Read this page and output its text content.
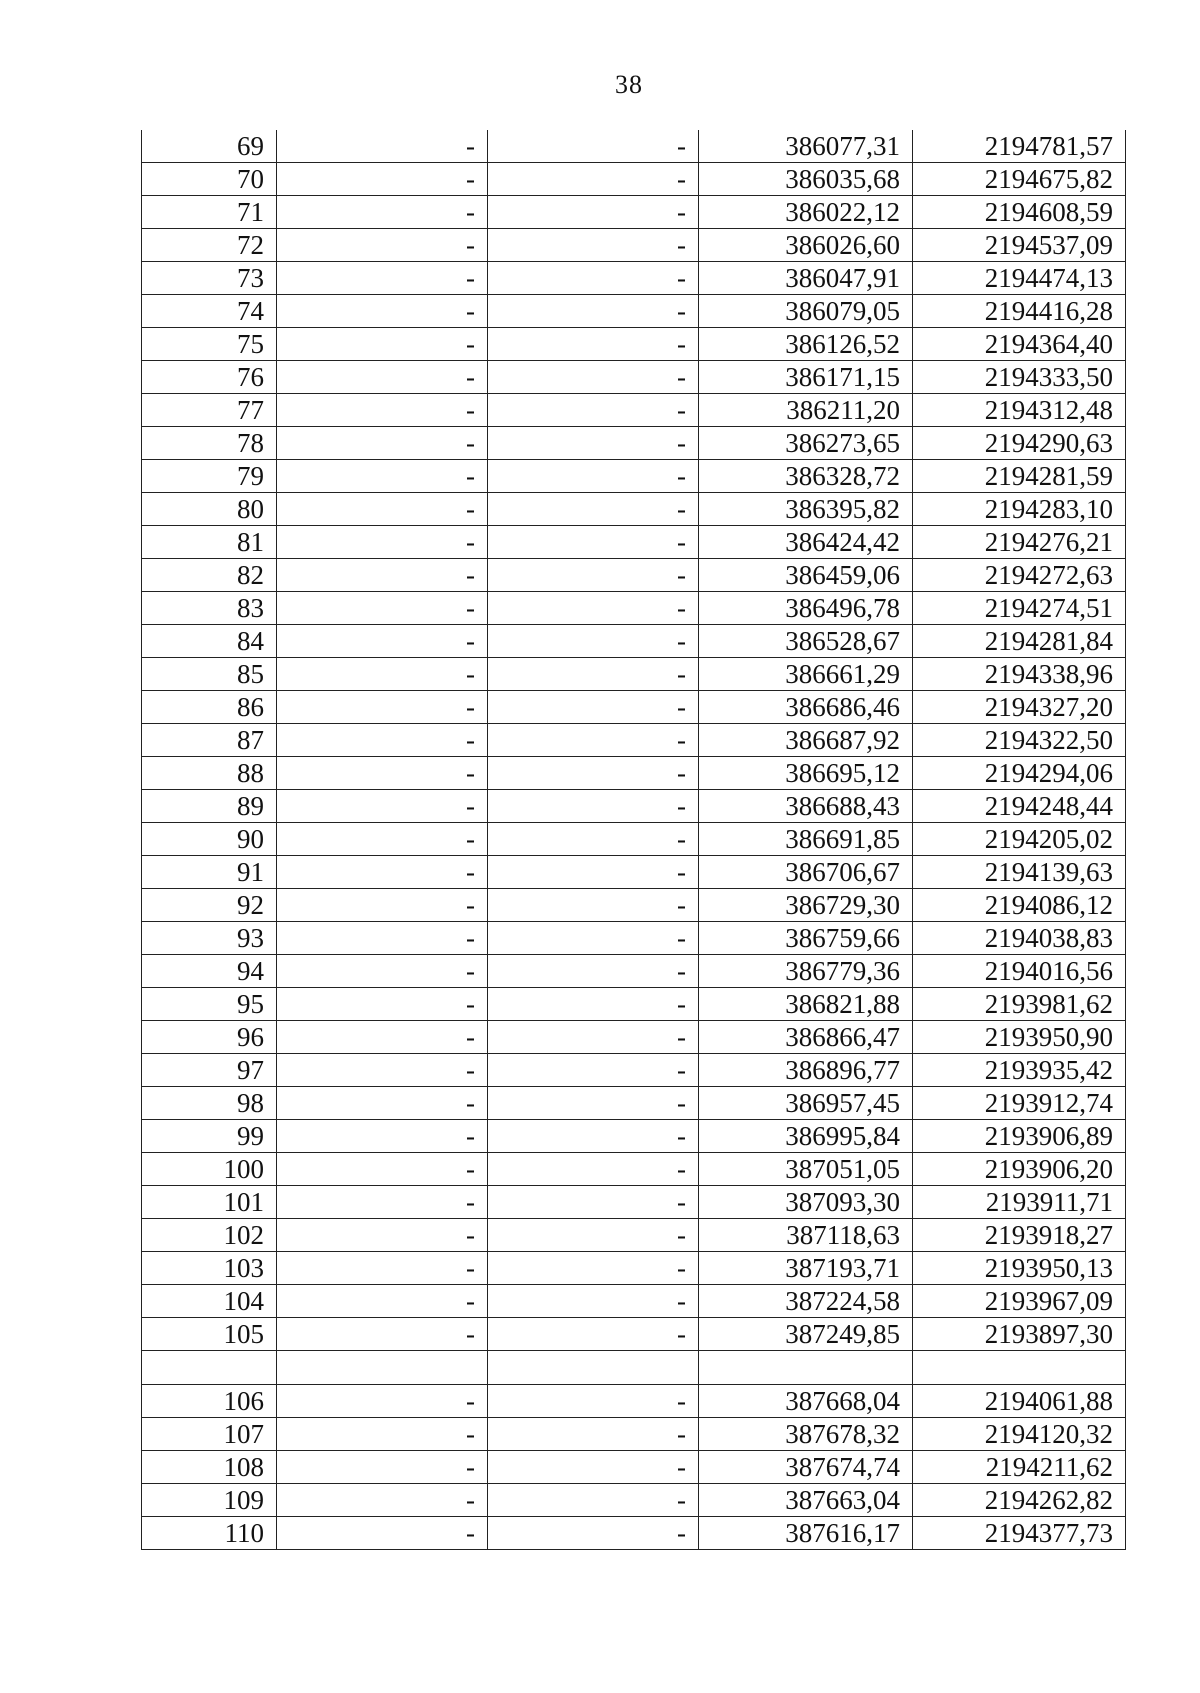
38
69	-	-	386077,31	2194781,57
70	-	-	386035,68	2194675,82
71	-	-	386022,12	2194608,59
72	-	-	386026,60	2194537,09
73	-	-	386047,91	2194474,13
74	-	-	386079,05	2194416,28
75	-	-	386126,52	2194364,40
76	-	-	386171,15	2194333,50
77	-	-	386211,20	2194312,48
78	-	-	386273,65	2194290,63
79	-	-	386328,72	2194281,59
80	-	-	386395,82	2194283,10
81	-	-	386424,42	2194276,21
82	-	-	386459,06	2194272,63
83	-	-	386496,78	2194274,51
84	-	-	386528,67	2194281,84
85	-	-	386661,29	2194338,96
86	-	-	386686,46	2194327,20
87	-	-	386687,92	2194322,50
88	-	-	386695,12	2194294,06
89	-	-	386688,43	2194248,44
90	-	-	386691,85	2194205,02
91	-	-	386706,67	2194139,63
92	-	-	386729,30	2194086,12
93	-	-	386759,66	2194038,83
94	-	-	386779,36	2194016,56
95	-	-	386821,88	2193981,62
96	-	-	386866,47	2193950,90
97	-	-	386896,77	2193935,42
98	-	-	386957,45	2193912,74
99	-	-	386995,84	2193906,89
100	-	-	387051,05	2193906,20
101	-	-	387093,30	2193911,71
102	-	-	387118,63	2193918,27
103	-	-	387193,71	2193950,13
104	-	-	387224,58	2193967,09
105	-	-	387249,85	2193897,30

106	-	-	387668,04	2194061,88
107	-	-	387678,32	2194120,32
108	-	-	387674,74	2194211,62
109	-	-	387663,04	2194262,82
110	-	-	387616,17	2194377,73
